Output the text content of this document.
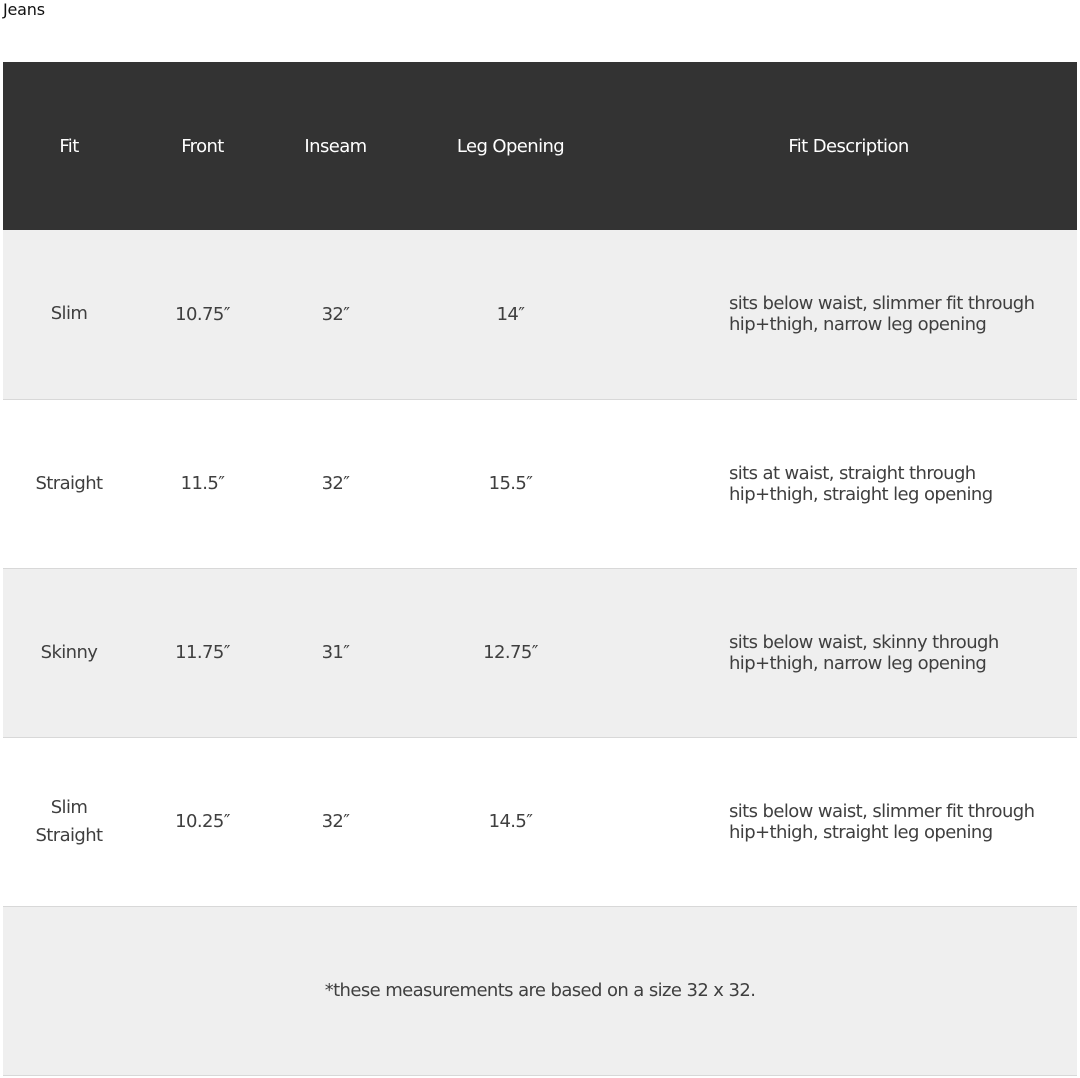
Jeans
Fit	Front	Inseam	Leg Opening	Fit Description
Slim	10.75″	32″	14″	sits below waist, slimmer fit through hip+thigh, narrow leg opening
Straight	11.5″	32″	15.5″	sits at waist, straight through hip+thigh, straight leg opening
Skinny	11.75″	31″	12.75″	sits below waist, skinny through hip+thigh, narrow leg opening
Slim Straight	10.25″	32″	14.5″	sits below waist, slimmer fit through hip+thigh, straight leg opening
*these measurements are based on a size 32 x 32.				
